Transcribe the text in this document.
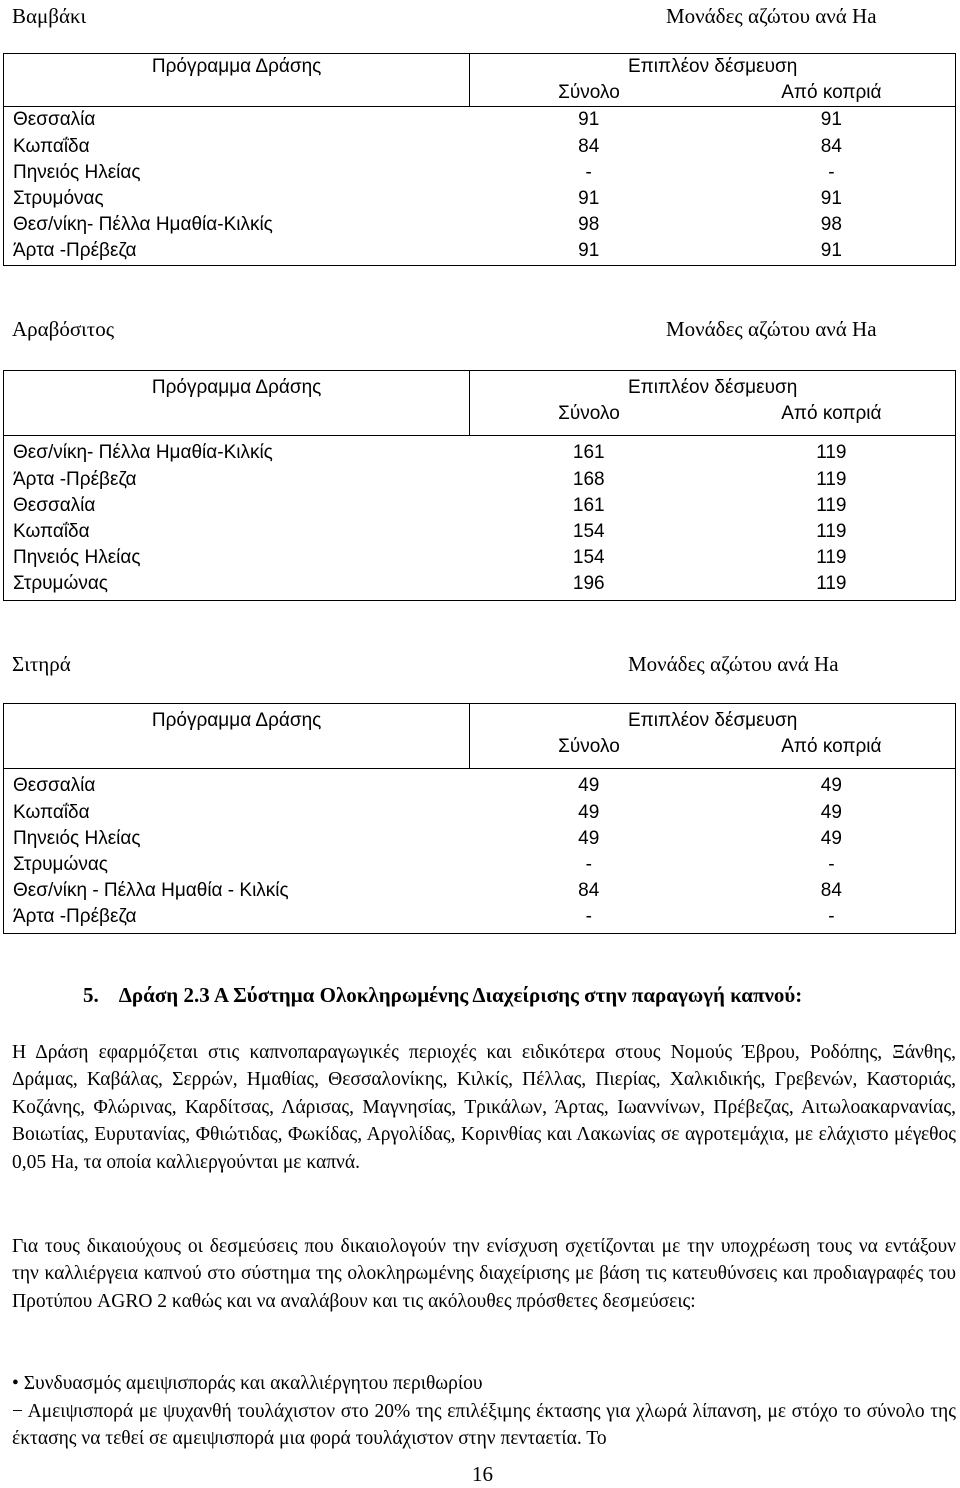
Βαμβάκι	Μονάδες αζώτου ανά Ha
Πρόγραμμα Δράσης	Επιπλέον δέσμευση	
	Σύνολο	Από κοπριά
Θεσσαλία	91	91
Κωπαΐδα	84	84
Πηνειός Ηλείας	-	-
Στρυμόνας	91	91
Θεσ/νίκη- Πέλλα Ημαθία-Κιλκίς	98	98
Άρτα -Πρέβεζα	91	91
Αραβόσιτος	Μονάδες αζώτου ανά Ha
Πρόγραμμα Δράσης	Επιπλέον δέσμευση	
	Σύνολο	Από κοπριά
Θεσ/νίκη- Πέλλα Ημαθία-Κιλκίς	161	119
Άρτα -Πρέβεζα	168	119
Θεσσαλία	161	119
Κωπαΐδα	154	119
Πηνειός Ηλείας	154	119
Στρυμώνας	196	119
Σιτηρά	Μονάδες αζώτου ανά Ha
Πρόγραμμα Δράσης	Επιπλέον δέσμευση	
	Σύνολο	Από κοπριά
Θεσσαλία	49	49
Κωπαΐδα	49	49
Πηνειός Ηλείας	49	49
Στρυμώνας	-	-
Θεσ/νίκη - Πέλλα Ημαθία - Κιλκίς	84	84
Άρτα -Πρέβεζα	-	-
5. Δράση 2.3 Α Σύστημα Ολοκληρωμένης Διαχείρισης στην παραγωγή καπνού:
Η Δράση εφαρμόζεται στις καπνοπαραγωγικές περιοχές και ειδικότερα στους Νομούς Έβρου, Ροδόπης, Ξάνθης, Δράμας, Καβάλας, Σερρών, Ημαθίας, Θεσσαλονίκης, Κιλκίς, Πέλλας, Πιερίας, Χαλκιδικής, Γρεβενών, Καστοριάς, Κοζάνης, Φλώρινας, Καρδίτσας, Λάρισας, Μαγνησίας, Τρικάλων, Άρτας, Ιωαννίνων, Πρέβεζας, Αιτωλοακαρνανίας, Βοιωτίας, Ευρυτανίας, Φθιώτιδας, Φωκίδας, Αργολίδας, Κορινθίας και Λακωνίας σε αγροτεμάχια, με ελάχιστο μέγεθος 0,05 Ha, τα οποία καλλιεργούνται με καπνά.
Για τους δικαιούχους οι δεσμεύσεις που δικαιολογούν την ενίσχυση σχετίζονται με την υποχρέωση τους να εντάξουν την καλλιέργεια καπνού στο σύστημα της ολοκληρωμένης διαχείρισης με βάση τις κατευθύνσεις και προδιαγραφές του Προτύπου AGRO 2 καθώς και να αναλάβουν και τις ακόλουθες πρόσθετες δεσμεύσεις:
• Συνδυασμός αμειψισποράς και ακαλλιέργητου περιθωρίου
− Αμειψισπορά με ψυχανθή τουλάχιστον στο 20% της επιλέξιμης έκτασης για χλωρά λίπανση, με στόχο το σύνολο της έκτασης να τεθεί σε αμειψισπορά μια φορά τουλάχιστον στην πενταετία. Το
16
